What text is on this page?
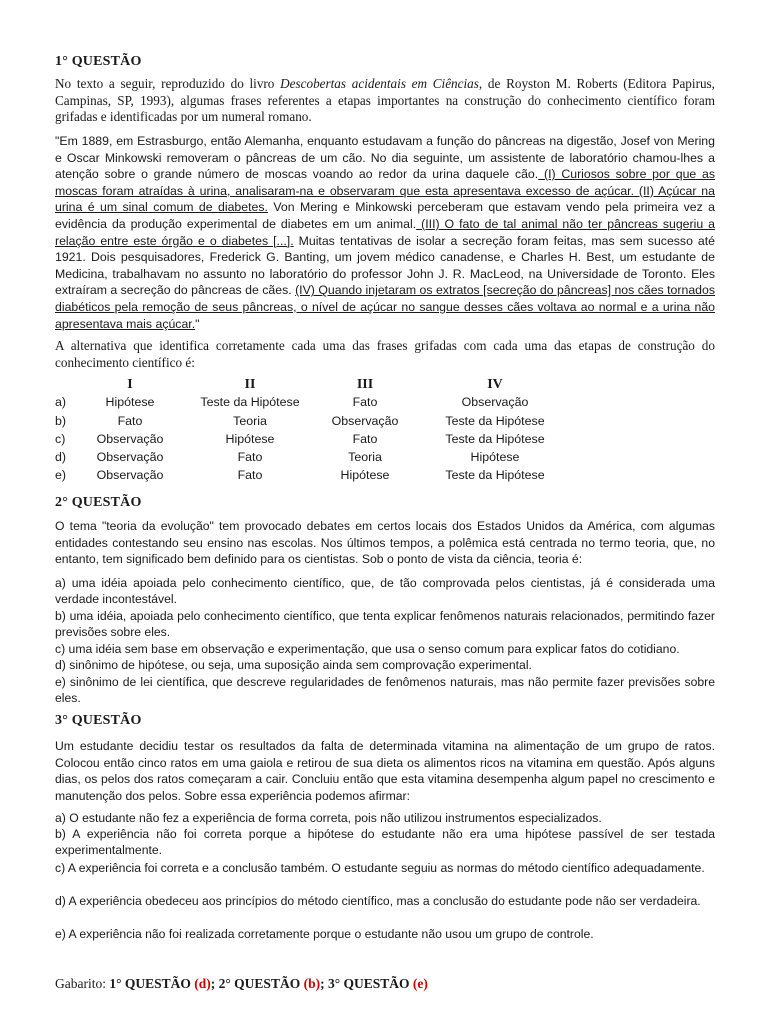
1° QUESTÃO
No texto a seguir, reproduzido do livro Descobertas acidentais em Ciências, de Royston M. Roberts (Editora Papirus, Campinas, SP, 1993), algumas frases referentes a etapas importantes na construção do conhecimento científico foram grifadas e identificadas por um numeral romano.
"Em 1889, em Estrasburgo, então Alemanha, enquanto estudavam a função do pâncreas na digestão, Josef von Mering e Oscar Minkowski removeram o pâncreas de um cão. No dia seguinte, um assistente de laboratório chamou-lhes a atenção sobre o grande número de moscas voando ao redor da urina daquele cão. (I) Curiosos sobre por que as moscas foram atraídas à urina, analisaram-na e observaram que esta apresentava excesso de açúcar. (II) Açúcar na urina é um sinal comum de diabetes. Von Mering e Minkowski perceberam que estavam vendo pela primeira vez a evidência da produção experimental de diabetes em um animal. (III) O fato de tal animal não ter pâncreas sugeriu a relação entre este órgão e o diabetes [...]. Muitas tentativas de isolar a secreção foram feitas, mas sem sucesso até 1921. Dois pesquisadores, Frederick G. Banting, um jovem médico canadense, e Charles H. Best, um estudante de Medicina, trabalhavam no assunto no laboratório do professor John J. R. MacLeod, na Universidade de Toronto. Eles extraíram a secreção do pâncreas de cães. (IV) Quando injetaram os extratos [secreção do pâncreas] nos cães tornados diabéticos pela remoção de seus pâncreas, o nível de açúcar no sangue desses cães voltava ao normal e a urina não apresentava mais açúcar."
A alternativa que identifica corretamente cada uma das frases grifadas com cada uma das etapas de construção do conhecimento científico é:
I	II	III	IV
a)	Hipótese	Teste da Hipótese	Fato	Observação
b)	Fato	Teoria	Observação	Teste da Hipótese
c)	Observação	Hipótese	Fato	Teste da Hipótese
d)	Observação	Fato	Teoria	Hipótese
e)	Observação	Fato	Hipótese	Teste da Hipótese
2° QUESTÃO
O tema "teoria da evolução" tem provocado debates em certos locais dos Estados Unidos da América, com algumas entidades contestando seu ensino nas escolas. Nos últimos tempos, a polêmica está centrada no termo teoria, que, no entanto, tem significado bem definido para os cientistas. Sob o ponto de vista da ciência, teoria é:
a) uma idéia apoiada pelo conhecimento científico, que, de tão comprovada pelos cientistas, já é considerada uma verdade incontestável.
b) uma idéia, apoiada pelo conhecimento científico, que tenta explicar fenômenos naturais relacionados, permitindo fazer previsões sobre eles.
c) uma idéia sem base em observação e experimentação, que usa o senso comum para explicar fatos do cotidiano.
d) sinônimo de hipótese, ou seja, uma suposição ainda sem comprovação experimental.
e) sinônimo de lei científica, que descreve regularidades de fenômenos naturais, mas não permite fazer previsões sobre eles.
3° QUESTÃO
Um estudante decidiu testar os resultados da falta de determinada vitamina na alimentação de um grupo de ratos. Colocou então cinco ratos em uma gaiola e retirou de sua dieta os alimentos ricos na vitamina em questão. Após alguns dias, os pelos dos ratos começaram a cair. Concluiu então que esta vitamina desempenha algum papel no crescimento e manutenção dos pelos. Sobre essa experiência podemos afirmar:
a) O estudante não fez a experiência de forma correta, pois não utilizou instrumentos especializados.
b) A experiência não foi correta porque a hipótese do estudante não era uma hipótese passível de ser testada experimentalmente.
c) A experiência foi correta e a conclusão também. O estudante seguiu as normas do método científico adequadamente.
d) A experiência obedeceu aos princípios do método científico, mas a conclusão do estudante pode não ser verdadeira.
e) A experiência não foi realizada corretamente porque o estudante não usou um grupo de controle.
Gabarito: 1° QUESTÃO (d); 2° QUESTÃO (b); 3° QUESTÃO (e)
